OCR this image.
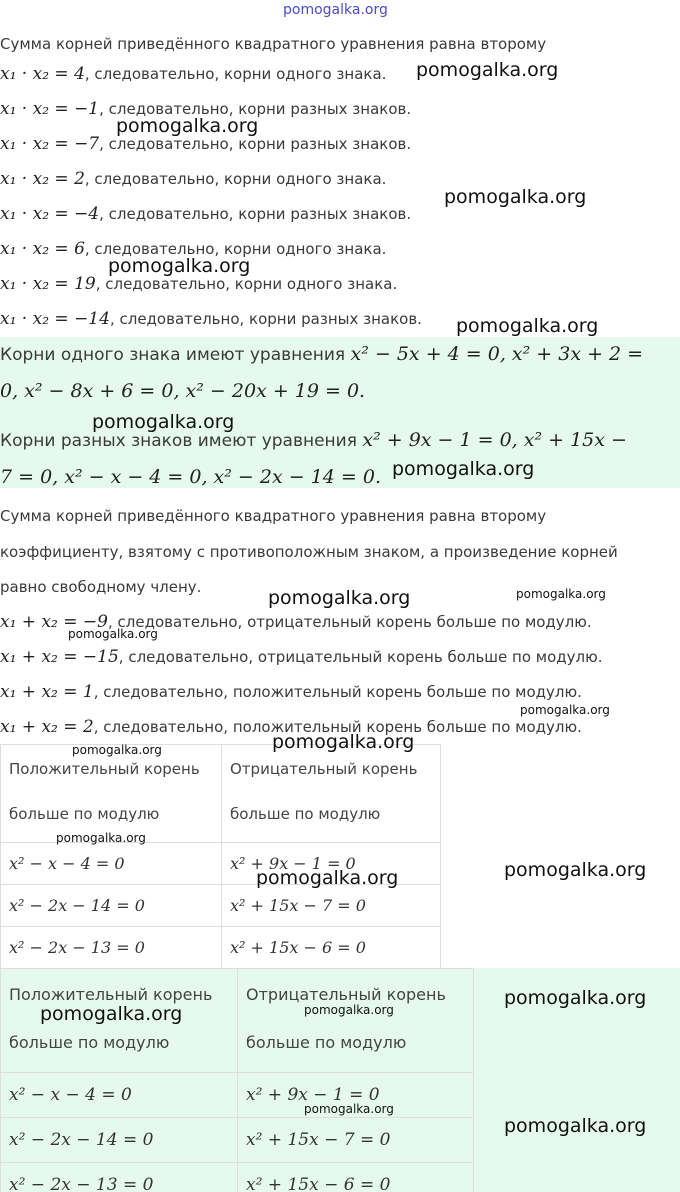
pomogalka.org
Сумма корней приведённого квадратного уравнения равна второму
x₁ · x₂ = 4, следовательно, корни одного знака.
x₁ · x₂ = −1, следовательно, корни разных знаков.
x₁ · x₂ = −7, следовательно, корни разных знаков.
x₁ · x₂ = 2, следовательно, корни одного знака.
x₁ · x₂ = −4, следовательно, корни разных знаков.
x₁ · x₂ = 6, следовательно, корни одного знака.
x₁ · x₂ = 19, следовательно, корни одного знака.
x₁ · x₂ = −14, следовательно, корни разных знаков.
Корни одного знака имеют уравнения x² − 5x + 4 = 0, x² + 3x + 2 =
0, x² − 8x + 6 = 0, x² − 20x + 19 = 0.
Корни разных знаков имеют уравнения x² + 9x − 1 = 0, x² + 15x −
7 = 0, x² − x − 4 = 0, x² − 2x − 14 = 0.
Сумма корней приведённого квадратного уравнения равна второму
коэффициенту, взятому с противоположным знаком, а произведение корней
равно свободному члену.
x₁ + x₂ = −9, следовательно, отрицательный корень больше по модулю.
x₁ + x₂ = −15, следовательно, отрицательный корень больше по модулю.
x₁ + x₂ = 1, следовательно, положительный корень больше по модулю.
x₁ + x₂ = 2, следовательно, положительный корень больше по модулю.
Положительный корень
больше по модулю	Отрицательный корень
больше по модулю
x² − x − 4 = 0	x² + 9x − 1 = 0
x² − 2x − 14 = 0	x² + 15x − 7 = 0
x² − 2x − 13 = 0	x² + 15x − 6 = 0
Положительный корень
больше по модулю	Отрицательный корень
больше по модулю
x² − x − 4 = 0	x² + 9x − 1 = 0
x² − 2x − 14 = 0	x² + 15x − 7 = 0
x² − 2x − 13 = 0	x² + 15x − 6 = 0
pomogalka.org
pomogalka.org
pomogalka.org
pomogalka.org
pomogalka.org
pomogalka.org
pomogalka.org
pomogalka.org	pomogalka.org
pomogalka.org
pomogalka.org
pomogalka.org
pomogalka.org
pomogalka.org
pomogalka.org
pomogalka.org
pomogalka.org
pomogalka.org
pomogalka.org
pomogalka.org
pomogalka.org
